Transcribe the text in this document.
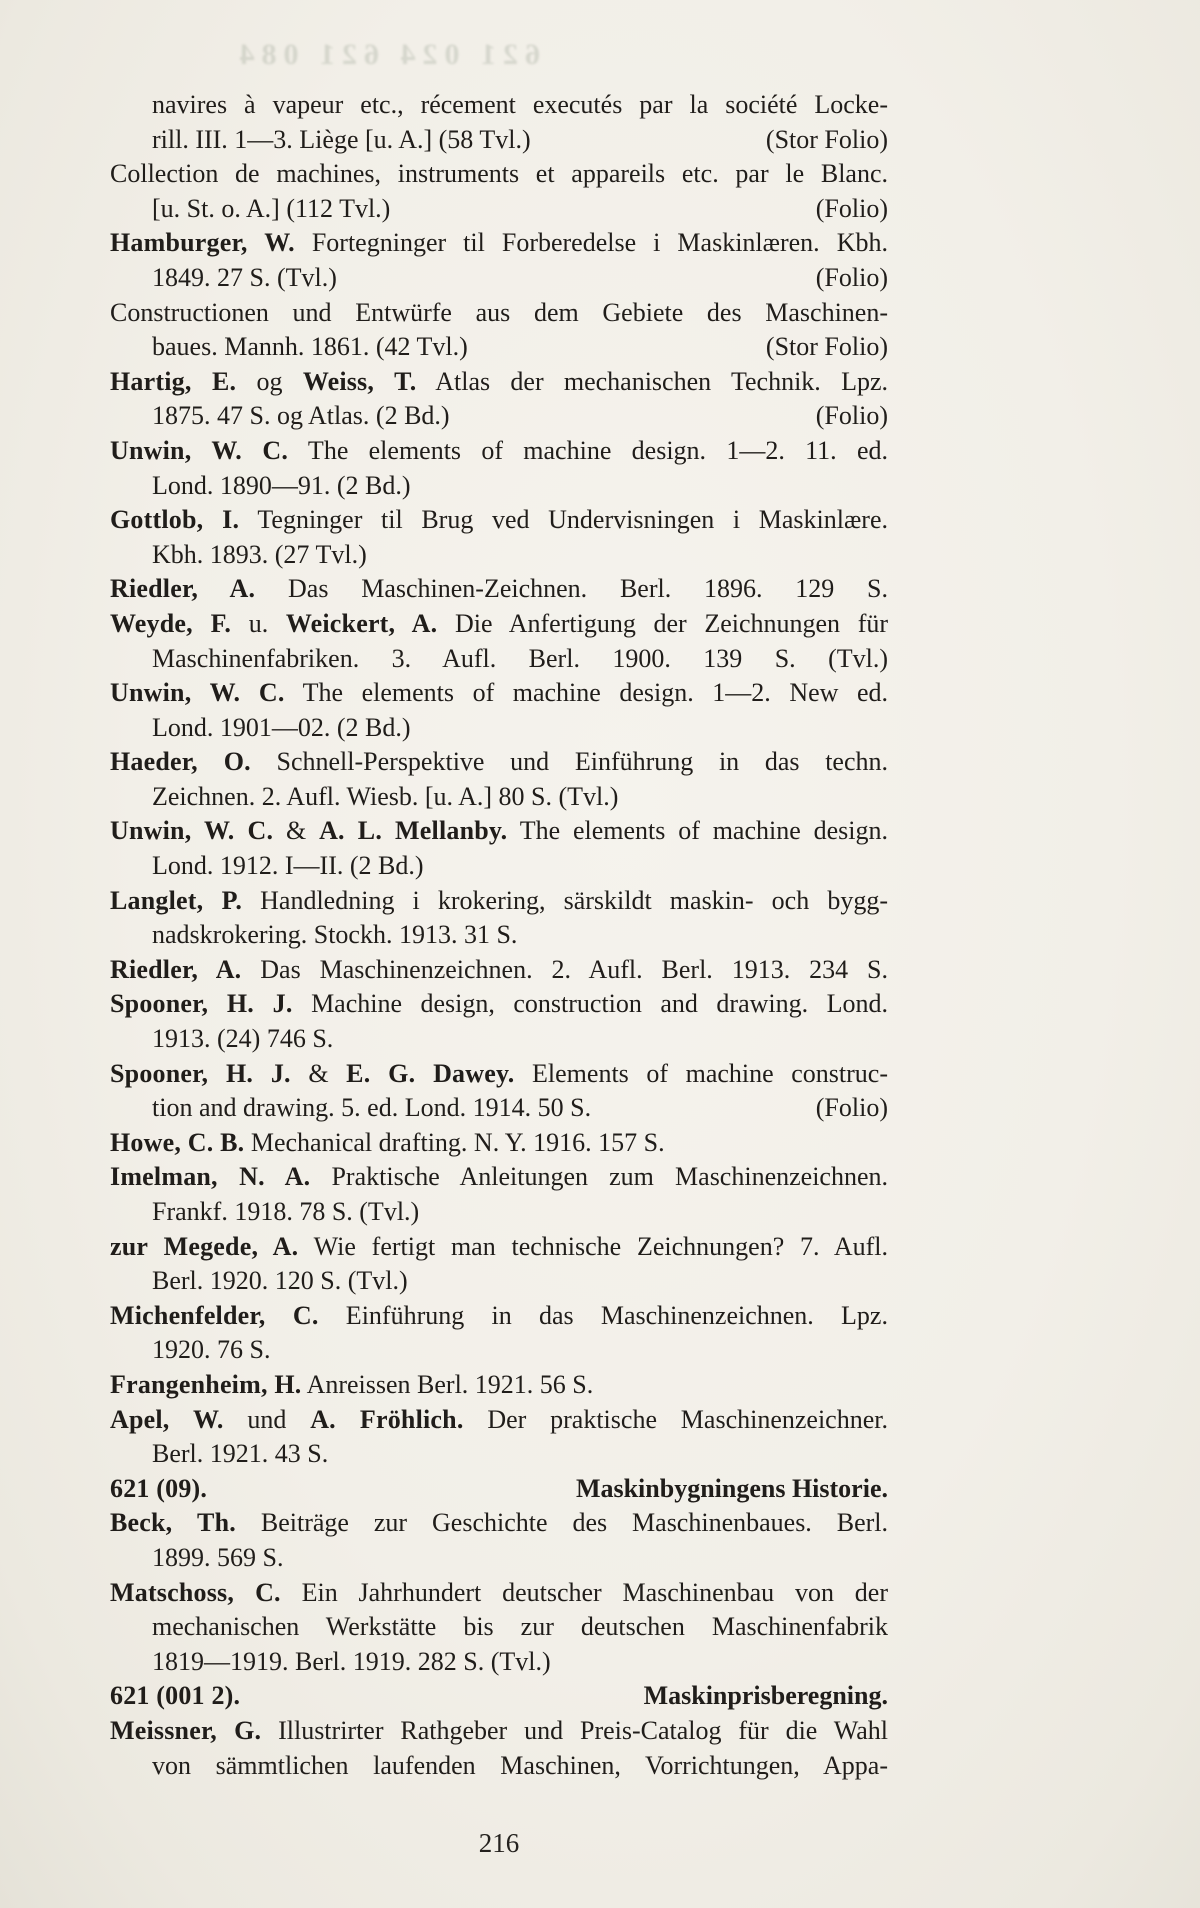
621 024 621 084
navires à vapeur etc., récement executés par la société Locke-
rill. III. 1—3. Liège [u. A.] (58 Tvl.)	(Stor Folio)
Collection de machines, instruments et appareils etc. par le Blanc.
[u. St. o. A.] (112 Tvl.)	(Folio)
Hamburger, W. Fortegninger til Forberedelse i Maskinlæren. Kbh.
1849. 27 S. (Tvl.)	(Folio)
Constructionen und Entwürfe aus dem Gebiete des Maschinen-
baues. Mannh. 1861. (42 Tvl.)	(Stor Folio)
Hartig, E. og Weiss, T. Atlas der mechanischen Technik. Lpz.
1875. 47 S. og Atlas. (2 Bd.)	(Folio)
Unwin, W. C. The elements of machine design. 1—2. 11. ed.
Lond. 1890—91. (2 Bd.)
Gottlob, I. Tegninger til Brug ved Undervisningen i Maskinlære.
Kbh. 1893. (27 Tvl.)
Riedler, A. Das Maschinen-Zeichnen. Berl. 1896. 129 S.
Weyde, F. u. Weickert, A. Die Anfertigung der Zeichnungen für
Maschinenfabriken. 3. Aufl. Berl. 1900. 139 S. (Tvl.)
Unwin, W. C. The elements of machine design. 1—2. New ed.
Lond. 1901—02. (2 Bd.)
Haeder, O. Schnell-Perspektive und Einführung in das techn.
Zeichnen. 2. Aufl. Wiesb. [u. A.] 80 S. (Tvl.)
Unwin, W. C. & A. L. Mellanby. The elements of machine design.
Lond. 1912. I—II. (2 Bd.)
Langlet, P. Handledning i krokering, särskildt maskin- och bygg-
nadskrokering. Stockh. 1913. 31 S.
Riedler, A. Das Maschinenzeichnen. 2. Aufl. Berl. 1913. 234 S.
Spooner, H. J. Machine design, construction and drawing. Lond.
1913. (24) 746 S.
Spooner, H. J. & E. G. Dawey. Elements of machine construc-
tion and drawing. 5. ed. Lond. 1914. 50 S.	(Folio)
Howe, C. B. Mechanical drafting. N. Y. 1916. 157 S.
Imelman, N. A. Praktische Anleitungen zum Maschinenzeichnen.
Frankf. 1918. 78 S. (Tvl.)
zur Megede, A. Wie fertigt man technische Zeichnungen? 7. Aufl.
Berl. 1920. 120 S. (Tvl.)
Michenfelder, C. Einführung in das Maschinenzeichnen. Lpz.
1920. 76 S.
Frangenheim, H. Anreissen Berl. 1921. 56 S.
Apel, W. und A. Fröhlich. Der praktische Maschinenzeichner.
Berl. 1921. 43 S.
621 (09).	Maskinbygningens Historie.
Beck, Th. Beiträge zur Geschichte des Maschinenbaues. Berl.
1899. 569 S.
Matschoss, C. Ein Jahrhundert deutscher Maschinenbau von der
mechanischen Werkstätte bis zur deutschen Maschinenfabrik
1819—1919. Berl. 1919. 282 S. (Tvl.)
621 (001 2).	Maskinprisberegning.
Meissner, G. Illustrirter Rathgeber und Preis-Catalog für die Wahl
von sämmtlichen laufenden Maschinen, Vorrichtungen, Appa-
216
